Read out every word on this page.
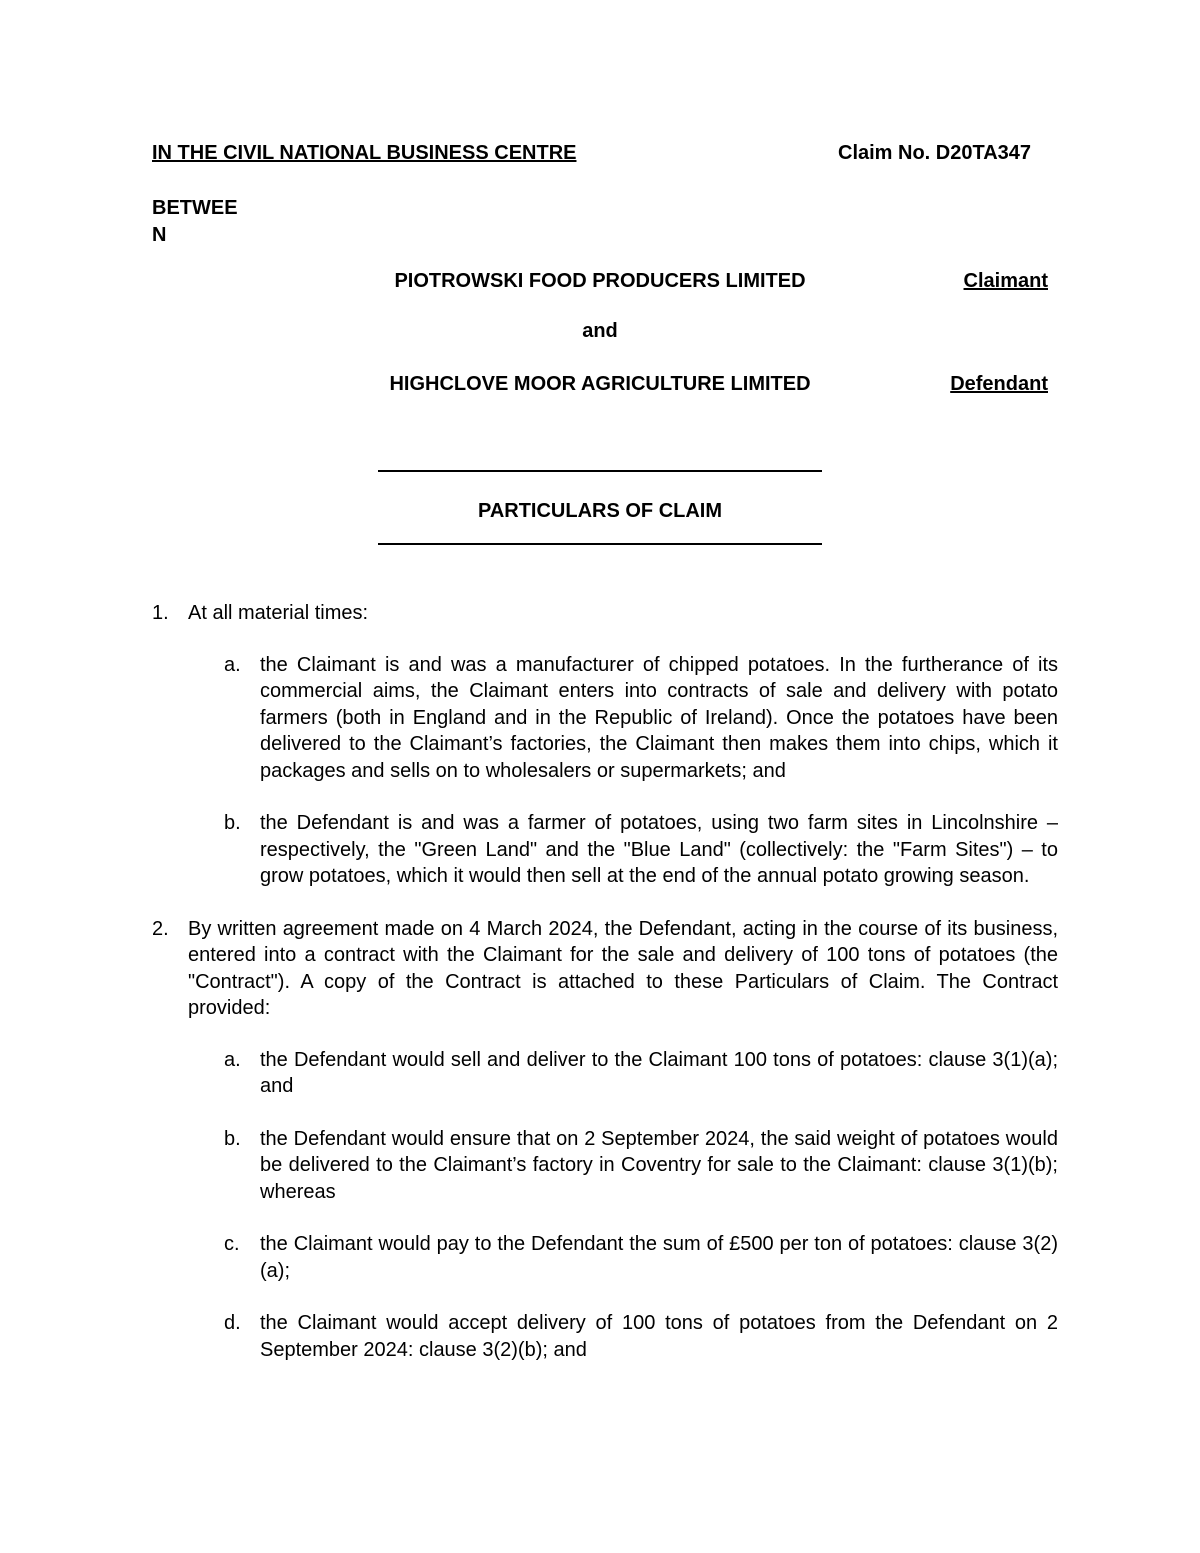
IN THE CIVIL NATIONAL BUSINESS CENTRE	Claim No. D20TA347
BETWEE
N
PIOTROWSKI FOOD PRODUCERS LIMITED	Claimant
and
HIGHCLOVE MOOR AGRICULTURE LIMITED	Defendant
PARTICULARS OF CLAIM
1. At all material times:
a. the Claimant is and was a manufacturer of chipped potatoes. In the furtherance of its commercial aims, the Claimant enters into contracts of sale and delivery with potato farmers (both in England and in the Republic of Ireland). Once the potatoes have been delivered to the Claimant’s factories, the Claimant then makes them into chips, which it packages and sells on to wholesalers or supermarkets; and
b. the Defendant is and was a farmer of potatoes, using two farm sites in Lincolnshire – respectively, the "Green Land" and the "Blue Land" (collectively: the "Farm Sites") – to grow potatoes, which it would then sell at the end of the annual potato growing season.
2. By written agreement made on 4 March 2024, the Defendant, acting in the course of its business, entered into a contract with the Claimant for the sale and delivery of 100 tons of potatoes (the "Contract"). A copy of the Contract is attached to these Particulars of Claim. The Contract provided:
a. the Defendant would sell and deliver to the Claimant 100 tons of potatoes: clause 3(1)(a); and
b. the Defendant would ensure that on 2 September 2024, the said weight of potatoes would be delivered to the Claimant’s factory in Coventry for sale to the Claimant: clause 3(1)(b); whereas
c. the Claimant would pay to the Defendant the sum of £500 per ton of potatoes: clause 3(2)(a);
d. the Claimant would accept delivery of 100 tons of potatoes from the Defendant on 2 September 2024: clause 3(2)(b); and
